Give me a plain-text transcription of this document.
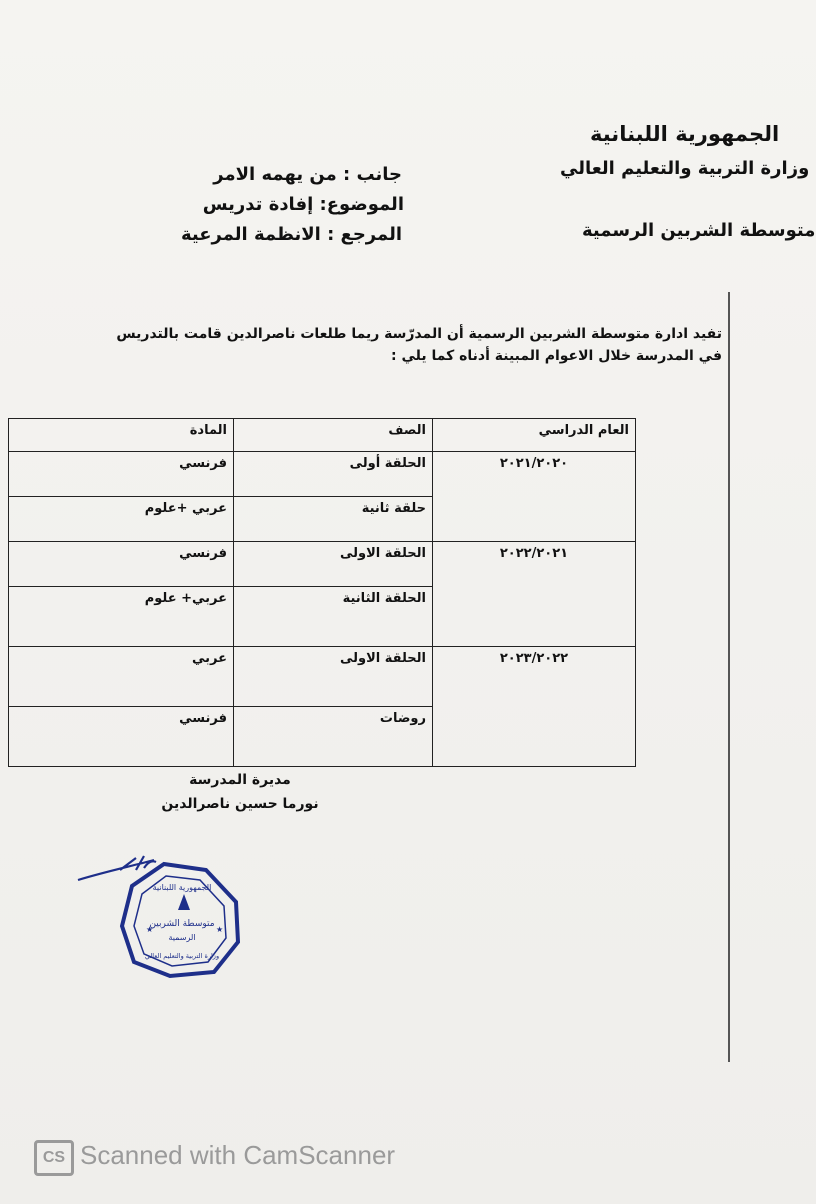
الجمهورية اللبنانية
وزارة التربية والتعليم العالي
متوسطة الشربين الرسمية
جانب : من يهمه الامر
الموضوع: إفادة تدريس
المرجع : الانظمة المرعية
تفيد ادارة متوسطة الشربين الرسمية أن المدرّسة ريما طلعات ناصرالدين قامت بالتدريس
في المدرسة خلال الاعوام المبينة أدناه كما يلي :
العام الدراسي	الصف	المادة
٢٠٢١/٢٠٢٠	الحلقة أولى	فرنسي
	حلقة ثانية	عربي +علوم
٢٠٢٢/٢٠٢١	الحلقة الاولى	فرنسي
	الحلقة الثانية	عربي+ علوم
٢٠٢٣/٢٠٢٢	الحلقة الاولى	عربي
	روضات	فرنسي
مديرة المدرسة
نورما حسين ناصرالدين
الجمهورية اللبنانية
متوسطة الشربين
الرسمية
وزارة التربية والتعليم العالي
★	★
CS Scanned with CamScanner
